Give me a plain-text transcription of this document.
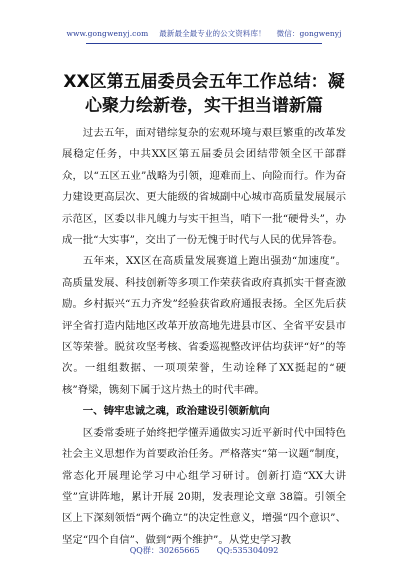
www.gongwenyj.com 最新最全最专业的公文资料库！ 微信：gongwenyj
XX区第五届委员会五年工作总结：凝心聚力绘新卷，实干担当谱新篇

过去五年，面对错综复杂的宏观环境与艰巨繁重的改革发展稳定任务，中共XX区第五届委员会团结带领全区干部群众，以“五区五业”战略为引领，迎难而上、向险而行。作为奋力建设更高层次、更大能级的省城副中心城市高质量发展展示示范区，区委以非凡魄力与实干担当，哨下一批“硬骨头”，办成一批“大实事”，交出了一份无愧于时代与人民的优异答卷。

五年来，XX区在高质量发展赛道上跑出强劲“加速度”。高质量发展、科技创新等多项工作荣获省政府真抓实干督查激励。乡村振兴“五力齐发”经验获省政府通报表扬。全区先后获评全省打造内陆地区改革开放高地先进县市区、全省平安县市区等荣誉。脱贫攻坚考核、省委巡视整改评估均获评“好”的等次。一组组数据、一项项荣誉，生动诠释了XX挺起的“硬核”脊梁，镌刻下属于这片热土的时代丰碑。

一、铸牢忠诚之魂，政治建设引领新航向

区委常委班子始终把学懂弄通做实习近平新时代中国特色社会主义思想作为首要政治任务。严格落实“第一议题”制度，常态化开展理论学习中心组学习研讨。创新打造“XX大讲堂”宣讲阵地，累计开展 20期，发表理论文章 38篇。引领全区上下深刻领悟“两个确立”的决定性意义，增强“四个意识”、坚定“四个自信”、做到“两个维护”。从党史学习教

QQ群：30265665 QQ:535304092
